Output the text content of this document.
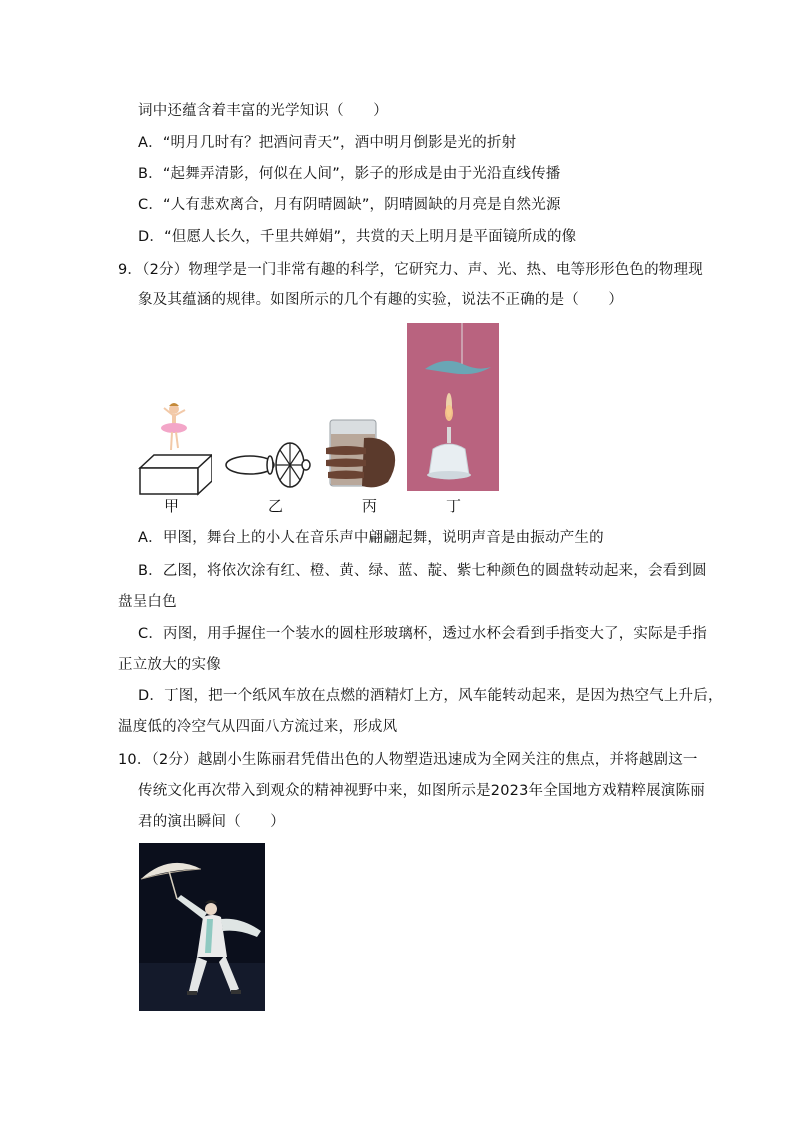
词中还蕴含着丰富的光学知识（　　）
A．“明月几时有？把酒问青天”，酒中明月倒影是光的折射
B．“起舞弄清影，何似在人间”，影子的形成是由于光沿直线传播
C．“人有悲欢离合，月有阴晴圆缺”，阴晴圆缺的月亮是自然光源
D．“但愿人长久，千里共婵娟”，共赏的天上明月是平面镜所成的像
9．（2分）物理学是一门非常有趣的科学，它研究力、声、光、热、电等形形色色的物理现
象及其蕴涵的规律。如图所示的几个有趣的实验，说法不正确的是（　　）
甲	乙	丙	丁
A．甲图，舞台上的小人在音乐声中翩翩起舞，说明声音是由振动产生的
B．乙图，将依次涂有红、橙、黄、绿、蓝、靛、紫七种颜色的圆盘转动起来，会看到圆
盘呈白色
C．丙图，用手握住一个装水的圆柱形玻璃杯，透过水杯会看到手指变大了，实际是手指
正立放大的实像
D．丁图，把一个纸风车放在点燃的酒精灯上方，风车能转动起来，是因为热空气上升后，
温度低的冷空气从四面八方流过来，形成风
10．（2分）越剧小生陈丽君凭借出色的人物塑造迅速成为全网关注的焦点，并将越剧这一
传统文化再次带入到观众的精神视野中来，如图所示是2023年全国地方戏精粹展演陈丽
君的演出瞬间（　　）
